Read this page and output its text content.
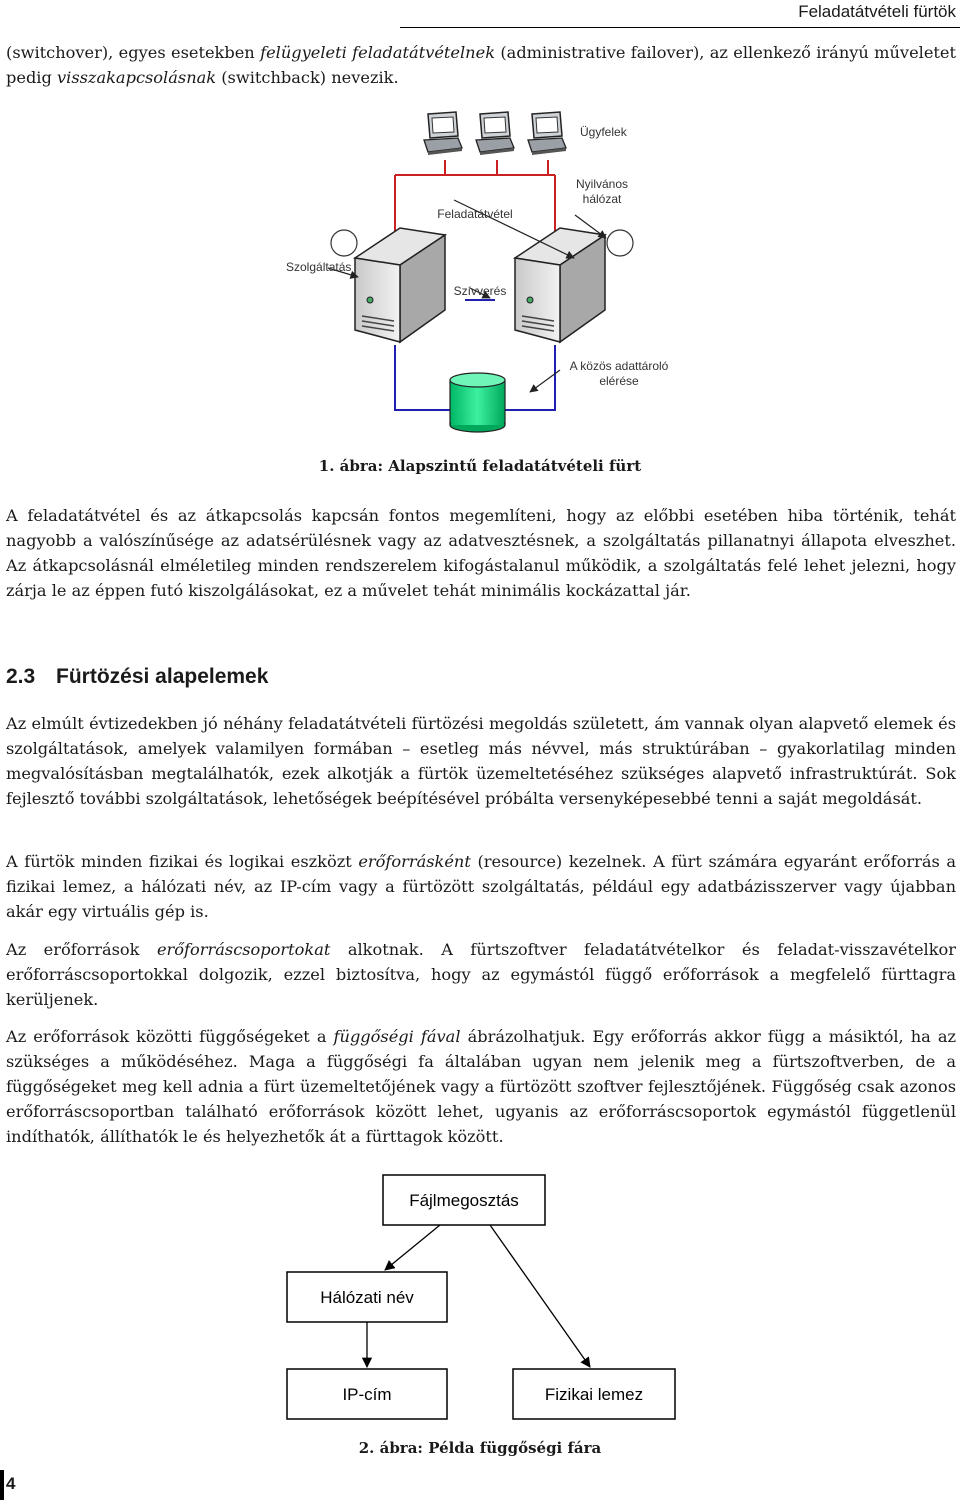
Feladatátvételi fürtök

(switchover), egyes esetekben felügyeleti feladatátvételnek (administrative failover), az ellenkező irányú műveletet pedig visszakapcsolásnak (switchback) nevezik.

Ügyfelek
Nyilvános
hálózat
Feladatátvétel
Szolgáltatás
Szívverés
A közös adattároló
elérése
1. ábra: Alapszintű feladatátvételi fürt

A feladatátvétel és az átkapcsolás kapcsán fontos megemlíteni, hogy az előbbi esetében hiba történik, tehát nagyobb a valószínűsége az adatsérülésnek vagy az adatvesztésnek, a szolgáltatás pillanatnyi állapota elveszhet. Az átkapcsolásnál elméletileg minden rendszerelem kifogástalanul működik, a szolgáltatás felé lehet jelezni, hogy zárja le az éppen futó kiszolgálásokat, ez a művelet tehát minimális kockázattal jár.

2.3 Fürtözési alapelemek

Az elmúlt évtizedekben jó néhány feladatátvételi fürtözési megoldás született, ám vannak olyan alapvető elemek és szolgáltatások, amelyek valamilyen formában – esetleg más névvel, más struktúrában – gyakorlatilag minden megvalósításban megtalálhatók, ezek alkotják a fürtök üzemeltetéséhez szükséges alapvető infrastruktúrát. Sok fejlesztő további szolgáltatások, lehetőségek beépítésével próbálta versenyképesebbé tenni a saját megoldását.

A fürtök minden fizikai és logikai eszközt erőforrásként (resource) kezelnek. A fürt számára egyaránt erőforrás a fizikai lemez, a hálózati név, az IP-cím vagy a fürtözött szolgáltatás, például egy adatbázisszerver vagy újabban akár egy virtuális gép is.

Az erőforrások erőforráscsoportokat alkotnak. A fürtszoftver feladatátvételkor és feladat-visszavételkor erőforráscsoportokkal dolgozik, ezzel biztosítva, hogy az egymástól függő erőforrások a megfelelő fürttagra kerüljenek.

Az erőforrások közötti függőségeket a függőségi fával ábrázolhatjuk. Egy erőforrás akkor függ a másiktól, ha az szükséges a működéséhez. Maga a függőségi fa általában ugyan nem jelenik meg a fürtszoftverben, de a függőségeket meg kell adnia a fürt üzemeltetőjének vagy a fürtözött szoftver fejlesztőjének. Függőség csak azonos erőforráscsoportban található erőforrások között lehet, ugyanis az erőforráscsoportok egymástól függetlenül indíthatók, állíthatók le és helyezhetők át a fürttagok között.

Fájlmegosztás
Hálózati név
IP-cím	Fizikai lemez
2. ábra: Példa függőségi fára
4
